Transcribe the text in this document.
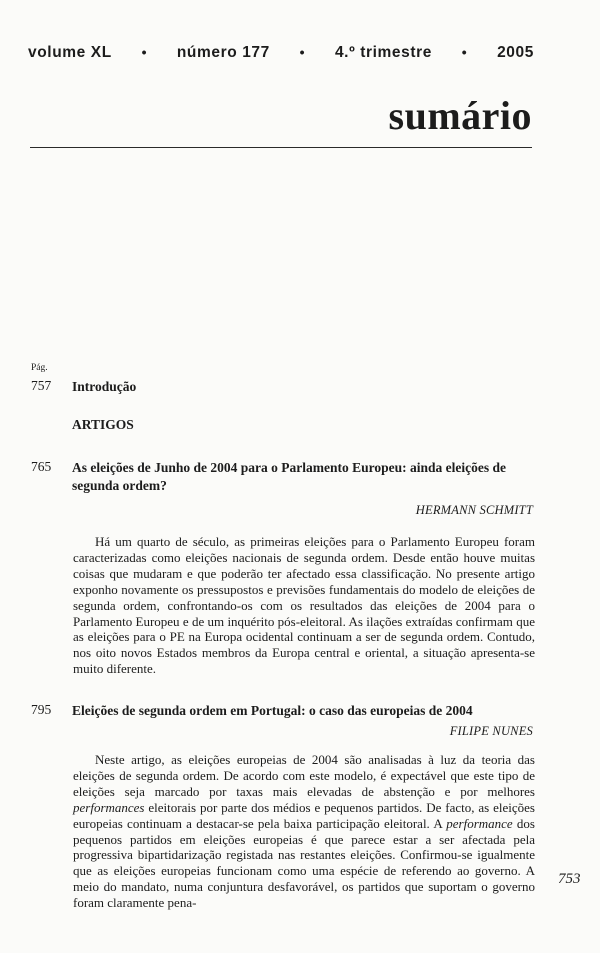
volume XL • número 177 • 4.º trimestre • 2005
sumário
Pág.
757 Introdução
ARTIGOS
765 As eleições de Junho de 2004 para o Parlamento Europeu: ainda eleições de segunda ordem?
HERMANN SCHMITT

Há um quarto de século, as primeiras eleições para o Parlamento Europeu foram caracterizadas como eleições nacionais de segunda ordem. Desde então houve muitas coisas que mudaram e que poderão ter afectado essa classificação. No presente artigo exponho novamente os pressupostos e previsões fundamentais do modelo de eleições de segunda ordem, confrontando-os com os resultados das eleições de 2004 para o Parlamento Europeu e de um inquérito pós-eleitoral. As ilações extraídas confirmam que as eleições para o PE na Europa ocidental continuam a ser de segunda ordem. Contudo, nos oito novos Estados membros da Europa central e oriental, a situação apresenta-se muito diferente.

795 Eleições de segunda ordem em Portugal: o caso das europeias de 2004
FILIPE NUNES

Neste artigo, as eleições europeias de 2004 são analisadas à luz da teoria das eleições de segunda ordem. De acordo com este modelo, é expectável que este tipo de eleições seja marcado por taxas mais elevadas de abstenção e por melhores performances eleitorais por parte dos médios e pequenos partidos. De facto, as eleições europeias continuam a destacar-se pela baixa participação eleitoral. A performance dos pequenos partidos em eleições europeias é que parece estar a ser afectada pela progressiva bipartidarização registada nas restantes eleições. Confirmou-se igualmente que as eleições europeias funcionam como uma espécie de referendo ao governo. A meio do mandato, numa conjuntura desfavorável, os partidos que suportam o governo foram claramente pena-

753
